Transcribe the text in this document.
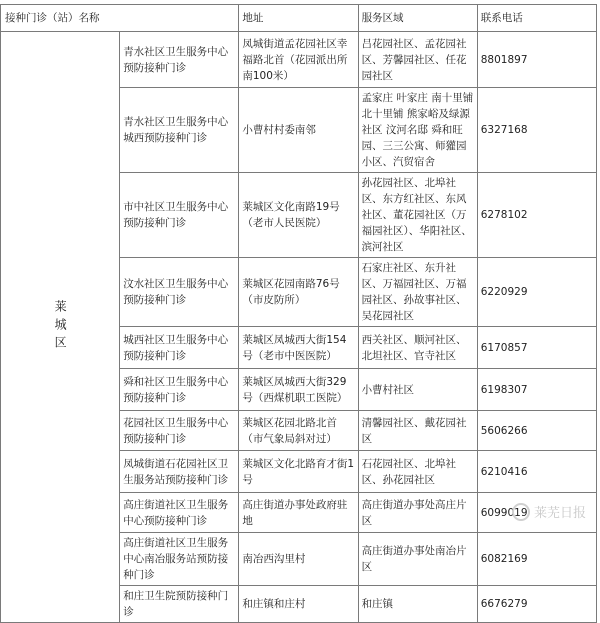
接种门诊（站）名称		地址	服务区域	联系电话
莱城区	青水社区卫生服务中心预防接种门诊	凤城街道孟花园社区幸福路北首（花园派出所南100米）	吕花园社区、孟花园社区、芳馨园社区、任花园社区	8801897
	青水社区卫生服务中心城西预防接种门诊	小曹村村委南邻	孟家庄 叶家庄 南十里铺 北十里铺 熊家峪及绿源社区 汶河名邸 舜和旺园、三三公寓、师獾园小区、汽贸宿舍	6327168
	市中社区卫生服务中心预防接种门诊	莱城区文化南路19号（老市人民医院）	孙花园社区、北埠社区、东方红社区、东风社区、董花园社区（万福园社区）、华阳社区、滨河社区	6278102
	汶水社区卫生服务中心预防接种门诊	莱城区花园南路76号（市皮防所）	石家庄社区、东升社区、万福园社区、万福园社区、孙故事社区、吴花园社区	6220929
	城西社区卫生服务中心预防接种门诊	莱城区凤城西大街154号（老市中医医院）	西关社区、顺河社区、北坦社区、官寺社区	6170857
	舜和社区卫生服务中心预防接种门诊	莱城区凤城西大街329号（西煤机职工医院）	小曹村社区	6198307
	花园社区卫生服务中心预防接种门诊	莱城区花园北路北首（市气象局斜对过）	清馨园社区、戴花园社区	5606266
	凤城街道石花园社区卫生服务站预防接种门诊	莱城区文化北路育才街1号	石花园社区、北埠社区、孙花园社区	6210416
	高庄街道社区卫生服务中心预防接种门诊	高庄街道办事处政府驻地	高庄街道办事处高庄片区	6099019
	高庄街道社区卫生服务中心南冶服务站预防接种门诊	南冶西沟里村	高庄街道办事处南冶片区	6082169
	和庄卫生院预防接种门诊	和庄镇和庄村	和庄镇	6676279
莱芜日报
